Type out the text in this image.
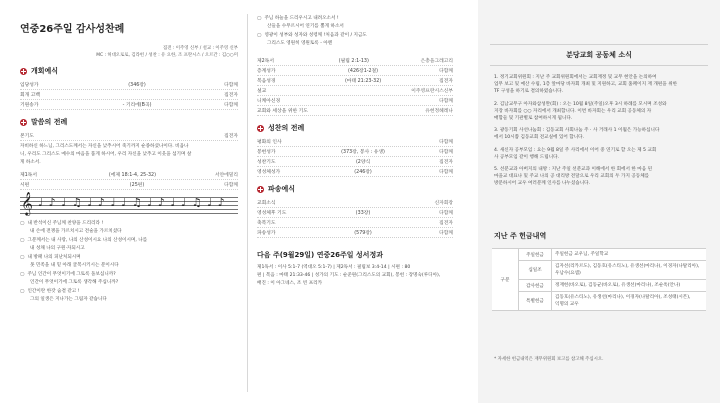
연중26주일 감사성찬례
집전 : 이주영 신부 / 설교 : 이주영 신부
MC : 허대오로로, 김라헌 / 성찬 : 유 요한, 조 프란시스 / 오르간 : 김○○미
개회예식
입당성가	(346장)	다함께
회개 고백	집전자
기원송가	- 기리에(B곡)	다함께
말씀의 전례
본기도	집전자
자비하신 하느님, 그리스도께서는 자신을 낮추시어 죽기까지 순종하셨나이다. 비옵나
니, 우리도 그리스도 예수의 마음을 품게 하시어, 우리 자신을 낮추고 이웃을 섬기며 살
게 하소서.
제1독서	(에제 18:1-4, 25-32)	서얀에밀리
시편	(25편)	다함께
𝄞 ♩ ♪ ♩ ♫ ♩ ♪ ♩ ♩ ♫ ♩ ♪ ♩ ♩ ♫ ♩ ♪
◯ 내 반석이신 주님께 찬양을 드리리라 !
내 손에 전쟁을 가르치시고 전술을 가르치셨다
◯ 그분께서는 내 사랑, 나의 산성이시요 나의 산성이시며, 나를
내 성채 나의 구원·자되시고
◯ 내 방패 나의 피난처되시며
못 민족을 내 밑 아래 굴복시키시는 분이시다
◯ 주님 인간이 무엇이기에 그토록 돌보십니까?
인간이 무엇이기에 그토록 생각해 주십니까?
◯ 인간이란 한갓 숨결 같고 !
그의 일생은 지나가는 그림자 같습니다
◯ 주님 하늘을 드리우시고 내려오소서 !
산들을 수무르시어 연기를 뿜게 하소서
◯ 영광이 성부와 성자와 성령께 !처음과 같이 / 지금도
그리스도 영원히 영원토록 - 아멘
제2독서	(필립 2:1-13)	은총을그레고리
층계성가	(426장1-2절)	다함께
복음성경	(마태 21:23-32)	집전자
설교	이주영프란시스신부
니케아신경	다함께
교회와 세상을 위한 기도	유헌정헤레나
성찬의 전례
평화의 인사	다함께
봉헌성가	(373장, 봉사 : 유생)	다함께
성찬기도	(2양식	집전자
영성체성가	(246장)	다함께
파송예식
교회소식	신자회장
영성체후 기도	(33장)	다함께
축복기도	집전자
파송성가	(579장)	다함께
다음 주(9월29일) 연중26주일 성서정과
제1독서 : 이사 5:1-7 (역대오 5:1-7) | 제2독서 : 필립보 3:4-14 | 시편 : 80
편 | 복음 : 마태 21:33-46 | 성가의 기도 : 순준원(그리스도의 교회), 봉헌 : 장명숙(루디아),
배진 : 이 아그네스, 조 빈 프리카
분당교회 공동체 소식
1. 정기교회위원회 : 지난 주 교회위원회에서는 교회재정 및 교무 현안을 논의하여
업무 보고 및 예산 수립, 1층 앞마당 바자회 개최 및 지원하고, 교회 홈페이지 재 개편을 위한
TF 구성을 하기로 결의하였습니다.
2. 김남교무구 아자와삼성완(회) : 오는 10월 8일(주일)오후 3시 하례를 모시며 조성와
지장 바자회를 ○○ 자리에서 개최합니다. 이번 바자회는 우리 교회 공동체의 자
매함들 및 기관별로 참여하시게 됩니다.
3. 광동기회 사선나눔회 : 김동교회 사회나눔 주 · 사 거래사 1 이월은 가능하십니다
에서 10시쯤 김동교회 전교실에 있어 합니다.
4. 새신자 공부모임 : 요는 9월 8일 주 사리에서 이어 중 연기로 할 오는 제 5 교회
사 공부모임 같이 행해 드립니다.
5. 선분교과 아버지의 내방 : 지난 주일 선분교과 이해에서 한 회에서 한 마음 된
마을교 대표나 및 주교 나의 공 대리방 전달으로 우리 교회의 두 가지 공동체를
방문하시어 교우 여러분께 인사를 나누셨습니다.
지난 주 헌금내역
구분	주일헌금	주일헌금 교우님, 주일학교

	십일조	김자선(리카르도), 김동호(유스티노), 유생선(마리나), 이경자(나탈리아),
우남수(요셉)

	감사헌금	정재헌(바오로), 김동균(바오로), 유생선(마리나), 조순옥(안나)

	특별헌금	김동호(유스티노), 유생선(마리나), 이경자(나탈리아), 조성태(시몬),
익명의 교우
* 자세한 헌금내역은 재무위원회 보고를 참고해 주십시오.
